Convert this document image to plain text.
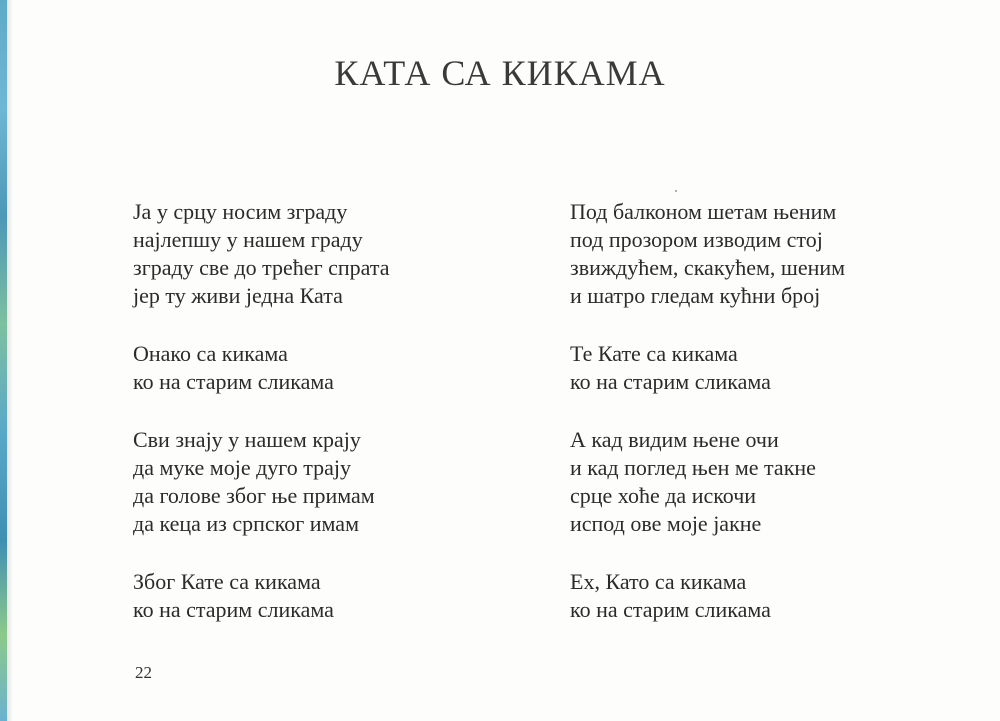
КАТА СА КИКАМА
Ја у срцу носим зграду
најлепшу у нашем граду
зграду све до трећег спрата
јер ту живи једна Ката
Онако са кикама
ко на старим сликама
Сви знају у нашем крају
да муке моје дуго трају
да голове због ње примам
да кеца из српског имам
Због Кате са кикама
ко на старим сликама
Под балконом шетам њеним
под прозором изводим стој
звиждућем, скакућем, шеним
и шатро гледам кућни број
Те Кате са кикама
ко на старим сликама
А кад видим њене очи
и кад поглед њен ме такне
срце хоће да искочи
испод ове моје јакне
Ех, Като са кикама
ко на старим сликама
22
